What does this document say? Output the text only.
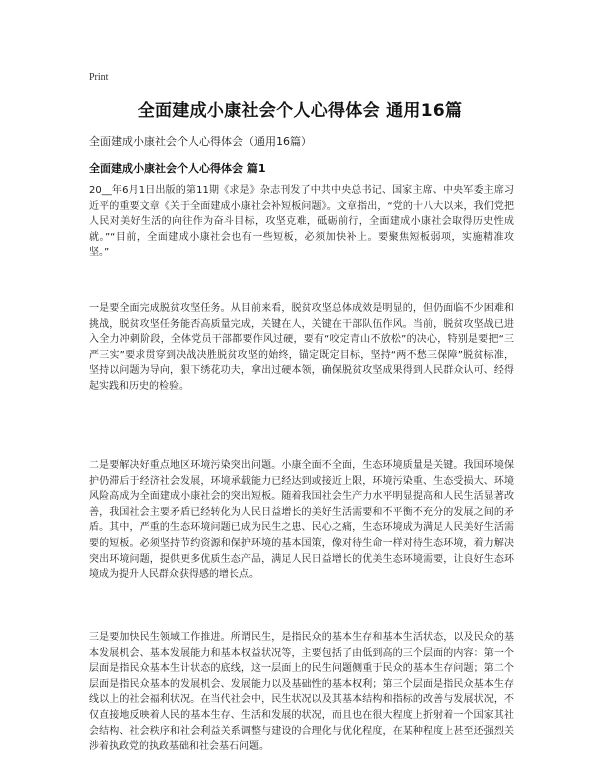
Print
全面建成小康社会个人心得体会 通用16篇
全面建成小康社会个人心得体会（通用16篇）
全面建成小康社会个人心得体会 篇1
20__年6月1日出版的第11期《求是》杂志刊发了中共中央总书记、国家主席、中央军委主席习近平的重要文章《关于全面建成小康社会补短板问题》。文章指出，“党的十八大以来，我们党把人民对美好生活的向往作为奋斗目标，攻坚克难，砥砺前行，全面建成小康社会取得历史性成就。”“目前，全面建成小康社会也有一些短板，必须加快补上。要聚焦短板弱项，实施精准攻坚。”
一是要全面完成脱贫攻坚任务。从目前来看，脱贫攻坚总体成效是明显的，但仍面临不少困难和挑战，脱贫攻坚任务能否高质量完成，关键在人，关键在干部队伍作风。当前，脱贫攻坚战已进入全力冲刺阶段，全体党员干部都要作风过硬，要有“咬定青山不放松”的决心，特别是要把“三严三实”要求贯穿到决战决胜脱贫攻坚的始终，锚定既定目标，坚持“两不愁三保障”脱贫标准，坚持以问题为导向，狠下绣花功夫，拿出过硬本领，确保脱贫攻坚成果得到人民群众认可、经得起实践和历史的检验。
二是要解决好重点地区环境污染突出问题。小康全面不全面，生态环境质量是关键。我国环境保护仍滞后于经济社会发展，环境承载能力已经达到或接近上限，环境污染重、生态受损大、环境风险高成为全面建成小康社会的突出短板。随着我国社会生产力水平明显提高和人民生活显著改善，我国社会主要矛盾已经转化为人民日益增长的美好生活需要和不平衡不充分的发展之间的矛盾。其中，严重的生态环境问题已成为民生之患、民心之痛，生态环境成为满足人民美好生活需要的短板。必须坚持节约资源和保护环境的基本国策，像对待生命一样对待生态环境，着力解决突出环境问题，提供更多优质生态产品，满足人民日益增长的优美生态环境需要，让良好生态环境成为提升人民群众获得感的增长点。
三是要加快民生领域工作推进。所谓民生，是指民众的基本生存和基本生活状态，以及民众的基本发展机会、基本发展能力和基本权益状况等，主要包括了由低到高的三个层面的内容：第一个层面是指民众基本生计状态的底线，这一层面上的民生问题侧重于民众的基本生存问题；第二个层面是指民众基本的发展机会、发展能力以及基础性的基本权利；第三个层面是指民众基本生存线以上的社会福利状况。在当代社会中，民生状况以及其基本结构和指标的改善与发展状况，不仅直接地反映着人民的基本生存、生活和发展的状况，而且也在很大程度上折射着一个国家其社会结构、社会秩序和社会利益关系调整与建设的合理化与优化程度，在某种程度上甚至还强烈关涉着执政党的执政基础和社会基石问题。
